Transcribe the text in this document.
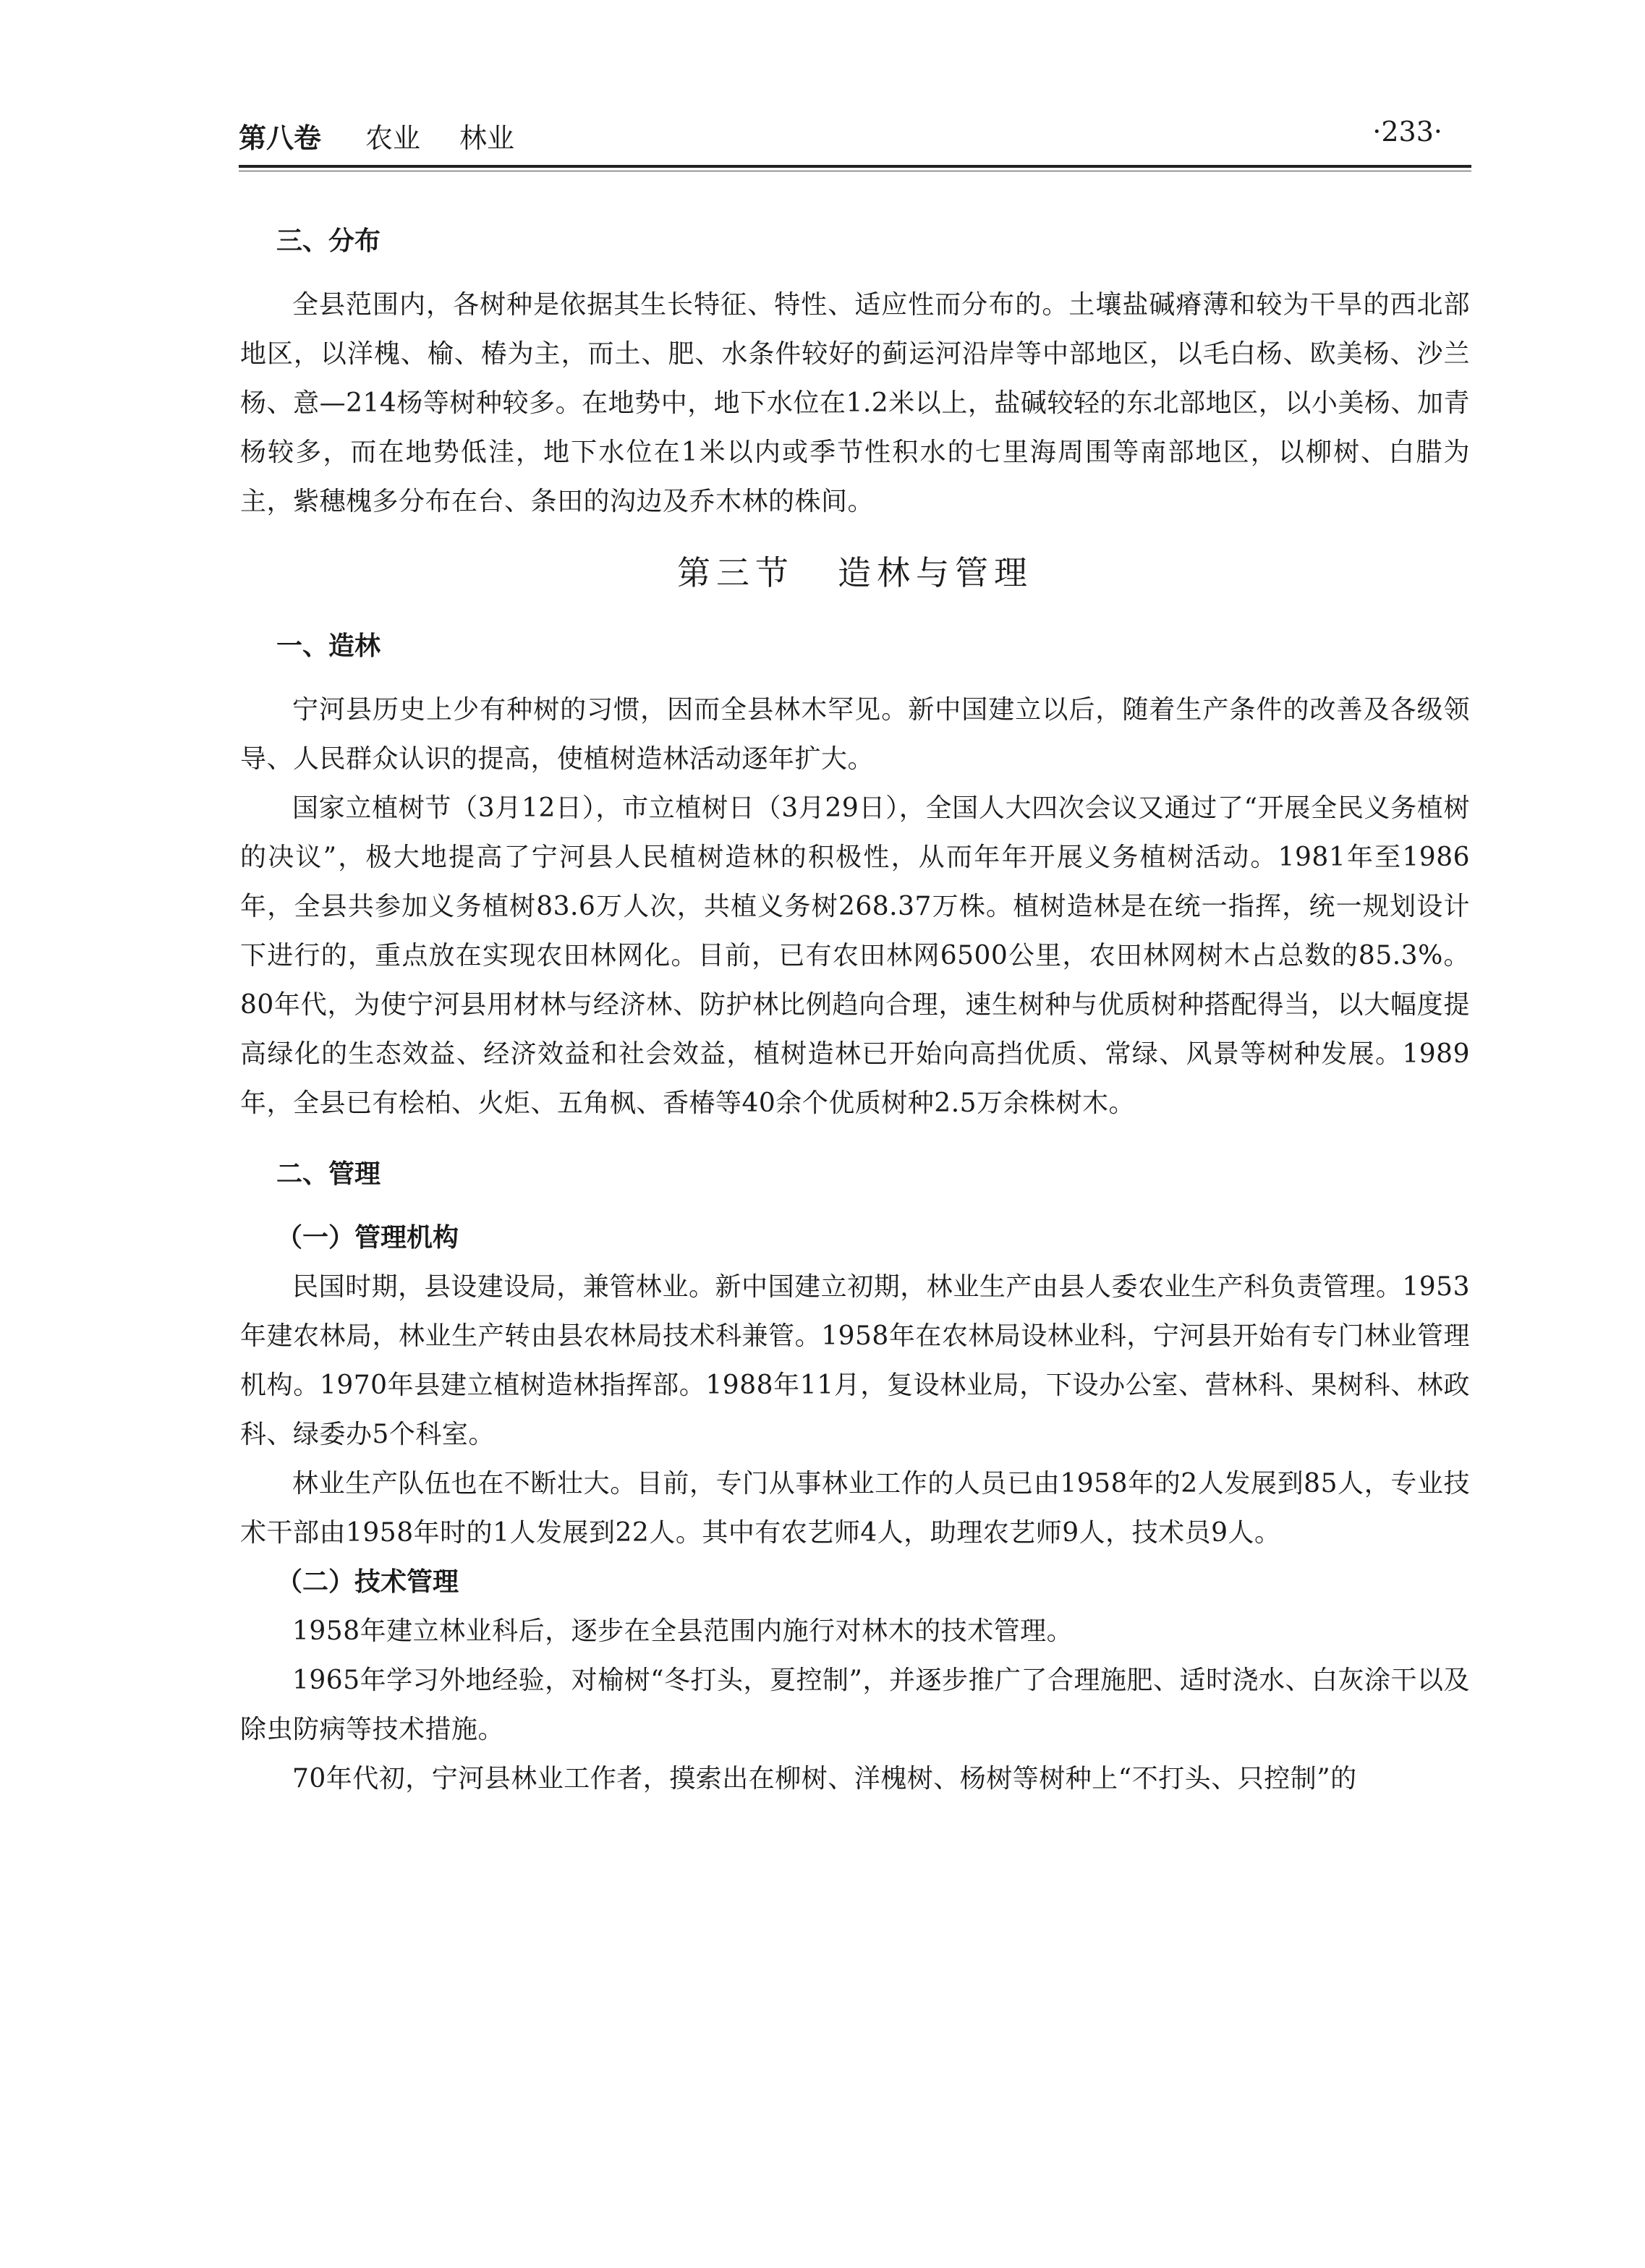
第八卷 农业 林业	·233·

三、分布

全县范围内，各树种是依据其生长特征、特性、适应性而分布的。土壤盐碱瘠薄和较为干旱的西北部地区，以洋槐、榆、椿为主，而土、肥、水条件较好的蓟运河沿岸等中部地区，以毛白杨、欧美杨、沙兰杨、意—214杨等树种较多。在地势中，地下水位在1.2米以上，盐碱较轻的东北部地区，以小美杨、加青杨较多，而在地势低洼，地下水位在1米以内或季节性积水的七里海周围等南部地区，以柳树、白腊为主，紫穗槐多分布在台、条田的沟边及乔木林的株间。

第三节 造林与管理

一、造林

宁河县历史上少有种树的习惯，因而全县林木罕见。新中国建立以后，随着生产条件的改善及各级领导、人民群众认识的提高，使植树造林活动逐年扩大。

国家立植树节（3月12日），市立植树日（3月29日），全国人大四次会议又通过了“开展全民义务植树的决议”，极大地提高了宁河县人民植树造林的积极性，从而年年开展义务植树活动。1981年至1986年，全县共参加义务植树83.6万人次，共植义务树268.37万株。植树造林是在统一指挥，统一规划设计下进行的，重点放在实现农田林网化。目前，已有农田林网6500公里，农田林网树木占总数的85.3%。80年代，为使宁河县用材林与经济林、防护林比例趋向合理，速生树种与优质树种搭配得当，以大幅度提高绿化的生态效益、经济效益和社会效益，植树造林已开始向高挡优质、常绿、风景等树种发展。1989年，全县已有桧柏、火炬、五角枫、香椿等40余个优质树种2.5万余株树木。

二、管理

（一）管理机构

民国时期，县设建设局，兼管林业。新中国建立初期，林业生产由县人委农业生产科负责管理。1953年建农林局，林业生产转由县农林局技术科兼管。1958年在农林局设林业科，宁河县开始有专门林业管理机构。1970年县建立植树造林指挥部。1988年11月，复设林业局，下设办公室、营林科、果树科、林政科、绿委办5个科室。

林业生产队伍也在不断壮大。目前，专门从事林业工作的人员已由1958年的2人发展到85人，专业技术干部由1958年时的1人发展到22人。其中有农艺师4人，助理农艺师9人，技术员9人。

（二）技术管理

1958年建立林业科后，逐步在全县范围内施行对林木的技术管理。

1965年学习外地经验，对榆树“冬打头，夏控制”，并逐步推广了合理施肥、适时浇水、白灰涂干以及除虫防病等技术措施。

70年代初，宁河县林业工作者，摸索出在柳树、洋槐树、杨树等树种上“不打头、只控制”的
